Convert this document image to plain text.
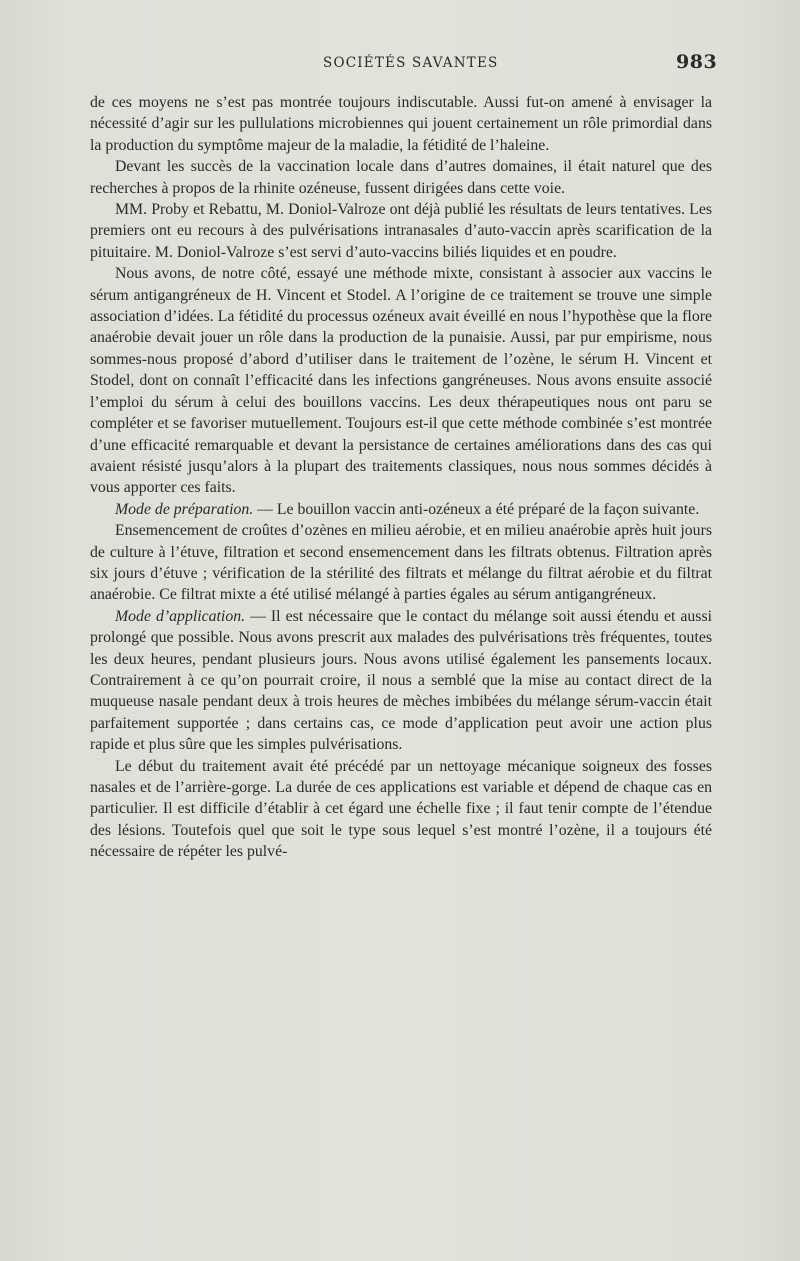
SOCIÉTÉS SAVANTES	983

de ces moyens ne s’est pas montrée toujours indiscutable. Aussi fut-on amené à envisager la nécessité d’agir sur les pullulations microbiennes qui jouent certainement un rôle primordial dans la production du symptôme majeur de la maladie, la fétidité de l’haleine.

Devant les succès de la vaccination locale dans d’autres domaines, il était naturel que des recherches à propos de la rhinite ozéneuse, fussent dirigées dans cette voie.

MM. Proby et Rebattu, M. Doniol-Valroze ont déjà publié les résultats de leurs tentatives. Les premiers ont eu recours à des pulvérisations intranasales d’auto-vaccin après scarification de la pituitaire. M. Doniol-Valroze s’est servi d’auto-vaccins biliés liquides et en poudre.

Nous avons, de notre côté, essayé une méthode mixte, consistant à associer aux vaccins le sérum antigangréneux de H. Vincent et Stodel. A l’origine de ce traitement se trouve une simple association d’idées. La fétidité du processus ozéneux avait éveillé en nous l’hypothèse que la flore anaérobie devait jouer un rôle dans la production de la punaisie. Aussi, par pur empirisme, nous sommes-nous proposé d’abord d’utiliser dans le traitement de l’ozène, le sérum H. Vincent et Stodel, dont on connaît l’efficacité dans les infections gangréneuses. Nous avons ensuite associé l’emploi du sérum à celui des bouillons vaccins. Les deux thérapeutiques nous ont paru se compléter et se favoriser mutuellement. Toujours est-il que cette méthode combinée s’est montrée d’une efficacité remarquable et devant la persistance de certaines améliorations dans des cas qui avaient résisté jusqu’alors à la plupart des traitements classiques, nous nous sommes décidés à vous apporter ces faits.

Mode de préparation. — Le bouillon vaccin anti-ozéneux a été préparé de la façon suivante.

Ensemencement de croûtes d’ozènes en milieu aérobie, et en milieu anaérobie après huit jours de culture à l’étuve, filtration et second ensemencement dans les filtrats obtenus. Filtration après six jours d’étuve ; vérification de la stérilité des filtrats et mélange du filtrat aérobie et du filtrat anaérobie. Ce filtrat mixte a été utilisé mélangé à parties égales au sérum antigangréneux.

Mode d’application. — Il est nécessaire que le contact du mélange soit aussi étendu et aussi prolongé que possible. Nous avons prescrit aux malades des pulvérisations très fréquentes, toutes les deux heures, pendant plusieurs jours. Nous avons utilisé également les pansements locaux. Contrairement à ce qu’on pourrait croire, il nous a semblé que la mise au contact direct de la muqueuse nasale pendant deux à trois heures de mèches imbibées du mélange sérum-vaccin était parfaitement supportée ; dans certains cas, ce mode d’application peut avoir une action plus rapide et plus sûre que les simples pulvérisations.

Le début du traitement avait été précédé par un nettoyage mécanique soigneux des fosses nasales et de l’arrière-gorge. La durée de ces applications est variable et dépend de chaque cas en particulier. Il est difficile d’établir à cet égard une échelle fixe ; il faut tenir compte de l’étendue des lésions. Toutefois quel que soit le type sous lequel s’est montré l’ozène, il a toujours été nécessaire de répéter les pulvé-
